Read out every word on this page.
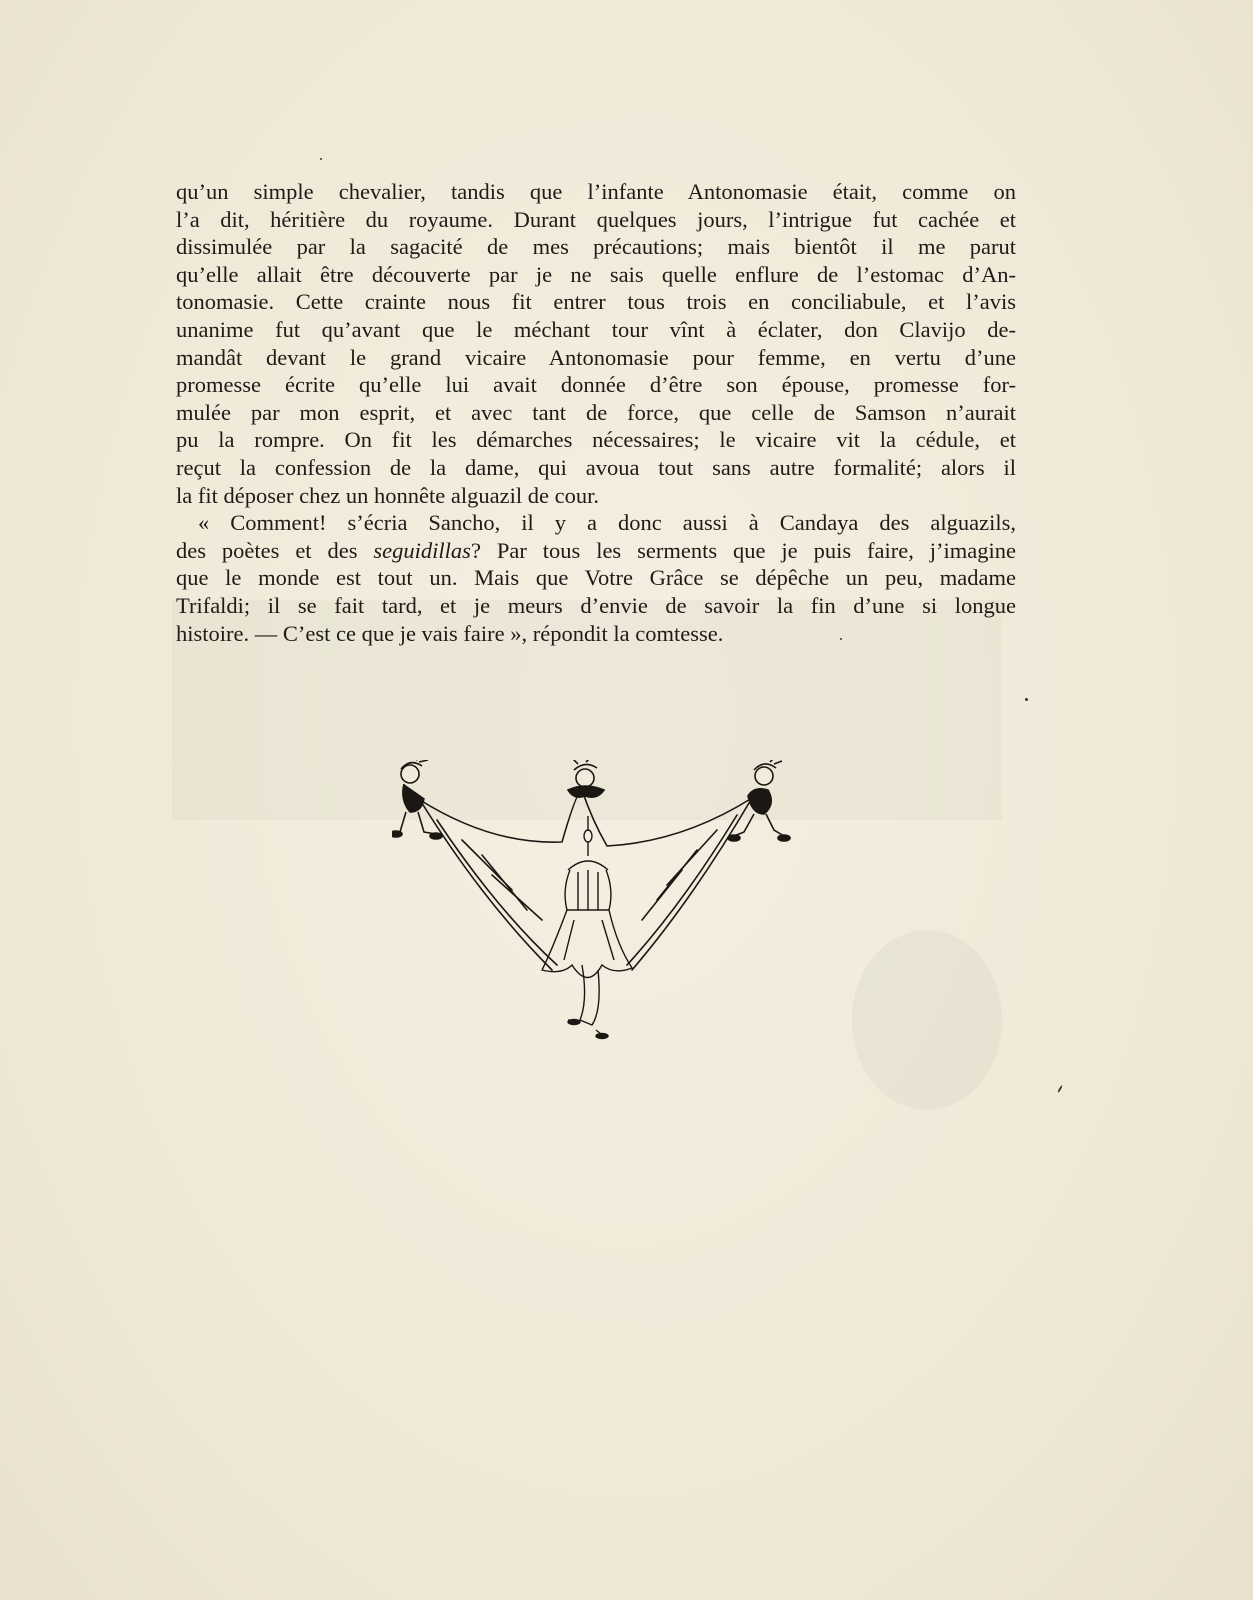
qu’un simple chevalier, tandis que l’infante Antonomasie était, comme on
l’a dit, héritière du royaume. Durant quelques jours, l’intrigue fut cachée et
dissimulée par la sagacité de mes précautions; mais bientôt il me parut
qu’elle allait être découverte par je ne sais quelle enflure de l’estomac d’An-
tonomasie. Cette crainte nous fit entrer tous trois en conciliabule, et l’avis
unanime fut qu’avant que le méchant tour vînt à éclater, don Clavijo de-
mandât devant le grand vicaire Antonomasie pour femme, en vertu d’une
promesse écrite qu’elle lui avait donnée d’être son épouse, promesse for-
mulée par mon esprit, et avec tant de force, que celle de Samson n’aurait
pu la rompre. On fit les démarches nécessaires; le vicaire vit la cédule, et
reçut la confession de la dame, qui avoua tout sans autre formalité; alors il
la fit déposer chez un honnête alguazil de cour.
« Comment! s’écria Sancho, il y a donc aussi à Candaya des alguazils,
des poètes et des seguidillas? Par tous les serments que je puis faire, j’imagine
que le monde est tout un. Mais que Votre Grâce se dépêche un peu, madame
Trifaldi; il se fait tard, et je meurs d’envie de savoir la fin d’une si longue
histoire. — C’est ce que je vais faire », répondit la comtesse.
